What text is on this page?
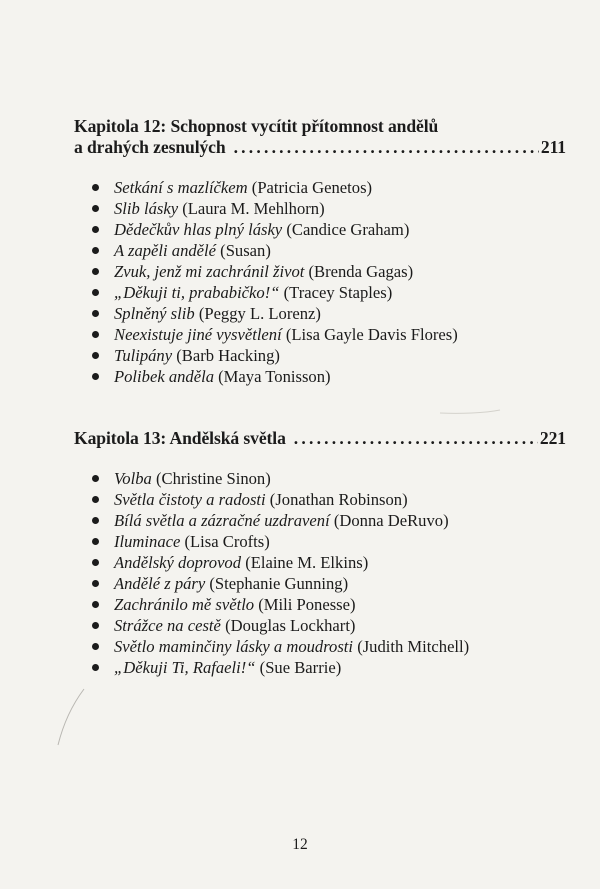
Kapitola 12: Schopnost vycítit přítomnost andělů
a drahých zesnulých .....	211
Setkání s mazlíčkem (Patricia Genetos)
Slib lásky (Laura M. Mehlhorn)
Dědečkův hlas plný lásky (Candice Graham)
A zapěli andělé (Susan)
Zvuk, jenž mi zachránil život (Brenda Gagas)
„Děkuji ti, prababičko!“ (Tracey Staples)
Splněný slib (Peggy L. Lorenz)
Neexistuje jiné vysvětlení (Lisa Gayle Davis Flores)
Tulipány (Barb Hacking)
Polibek anděla (Maya Tonisson)
Kapitola 13: Andělská světla .....	221
Volba (Christine Sinon)
Světla čistoty a radosti (Jonathan Robinson)
Bílá světla a zázračné uzdravení (Donna DeRuvo)
Iluminace (Lisa Crofts)
Andělský doprovod (Elaine M. Elkins)
Andělé z páry (Stephanie Gunning)
Zachránilo mě světlo (Mili Ponesse)
Strážce na cestě (Douglas Lockhart)
Světlo maminčiny lásky a moudrosti (Judith Mitchell)
„Děkuji Ti, Rafaeli!“ (Sue Barrie)
12
